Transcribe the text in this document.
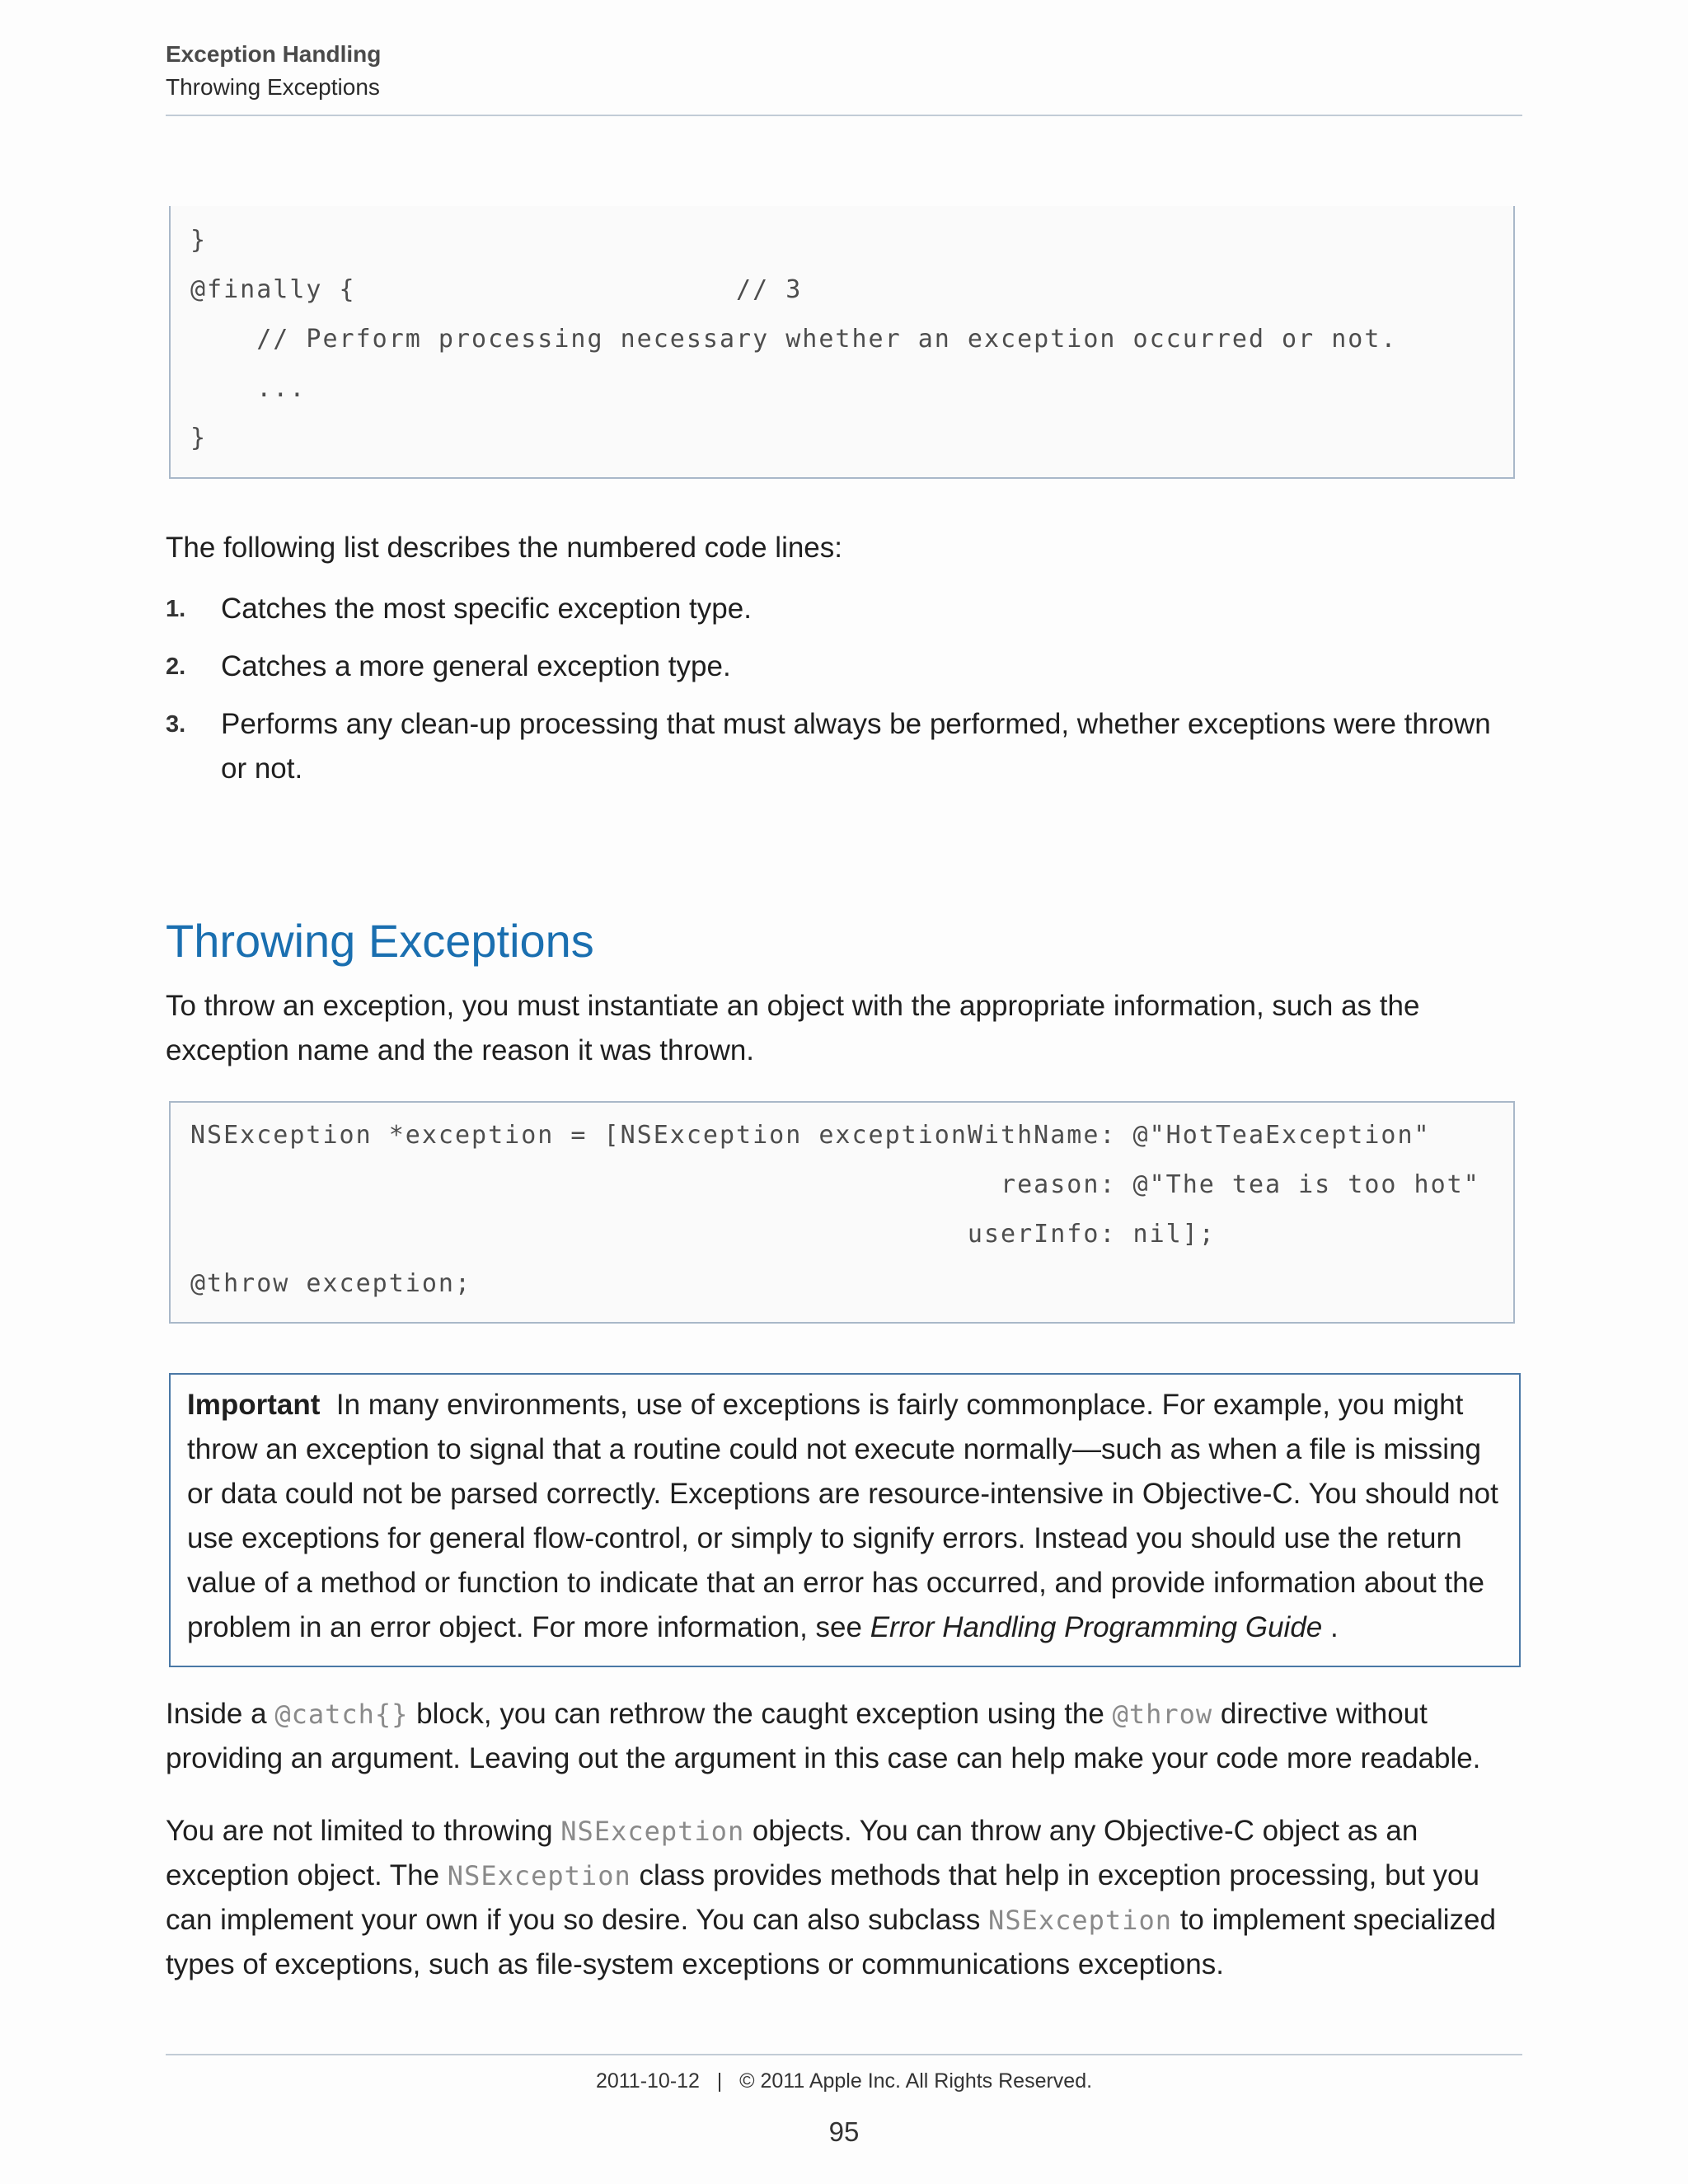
Exception Handling
Throwing Exceptions
}
@finally {                       // 3
// Perform processing necessary whether an exception occurred or not.
...
}
The following list describes the numbered code lines:
1. Catches the most specific exception type.
2. Catches a more general exception type.
3. Performs any clean-up processing that must always be performed, whether exceptions were thrown or not.
Throwing Exceptions
To throw an exception, you must instantiate an object with the appropriate information, such as the exception name and the reason it was thrown.
NSException *exception = [NSException exceptionWithName: @"HotTeaException"
reason: @"The tea is too hot"
userInfo: nil];
@throw exception;
Important In many environments, use of exceptions is fairly commonplace. For example, you might throw an exception to signal that a routine could not execute normally—such as when a file is missing or data could not be parsed correctly. Exceptions are resource-intensive in Objective-C. You should not use exceptions for general flow-control, or simply to signify errors. Instead you should use the return value of a method or function to indicate that an error has occurred, and provide information about the problem in an error object. For more information, see Error Handling Programming Guide .
Inside a @catch{} block, you can rethrow the caught exception using the @throw directive without providing an argument. Leaving out the argument in this case can help make your code more readable.
You are not limited to throwing NSException objects. You can throw any Objective-C object as an exception object. The NSException class provides methods that help in exception processing, but you can implement your own if you so desire. You can also subclass NSException to implement specialized types of exceptions, such as file-system exceptions or communications exceptions.
2011-10-12   |   © 2011 Apple Inc. All Rights Reserved.
95
